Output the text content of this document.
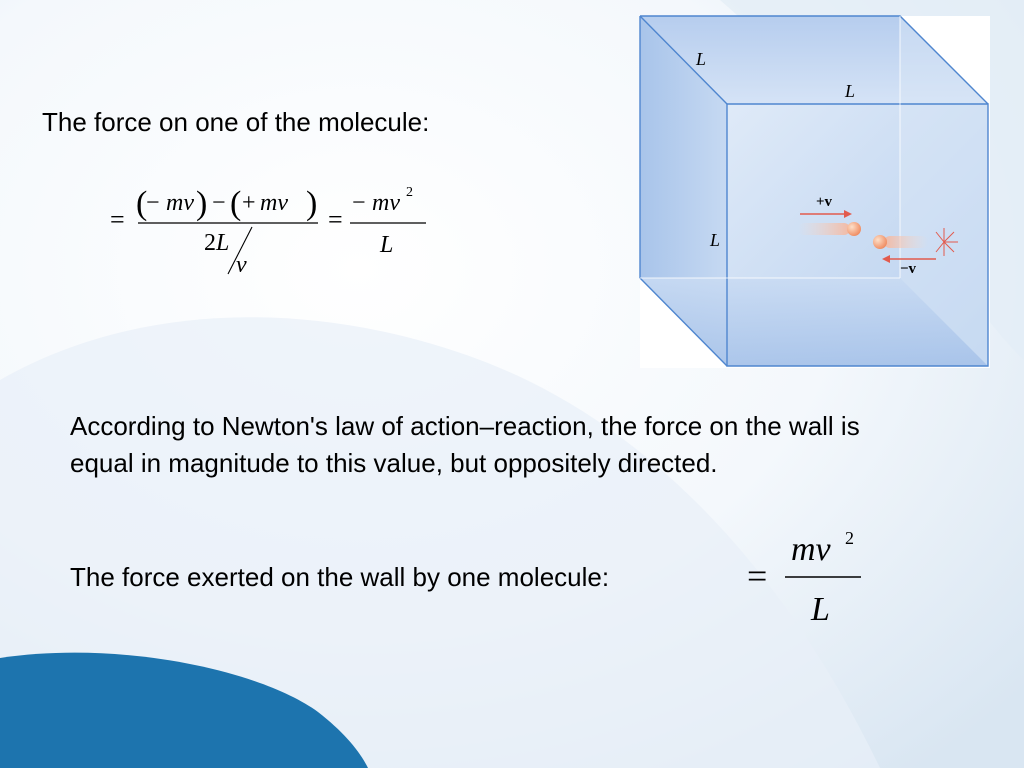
The force on one of the molecule:
= (
− mv ) − ( + mv )
2 L
v
=
− mv 2
L
L
L
L
+v
−v
According to Newton's law of action–reaction, the force on the wall is equal in magnitude to this value, but oppositely directed.
The force exerted on the wall by one molecule:	=
mv 2
L
